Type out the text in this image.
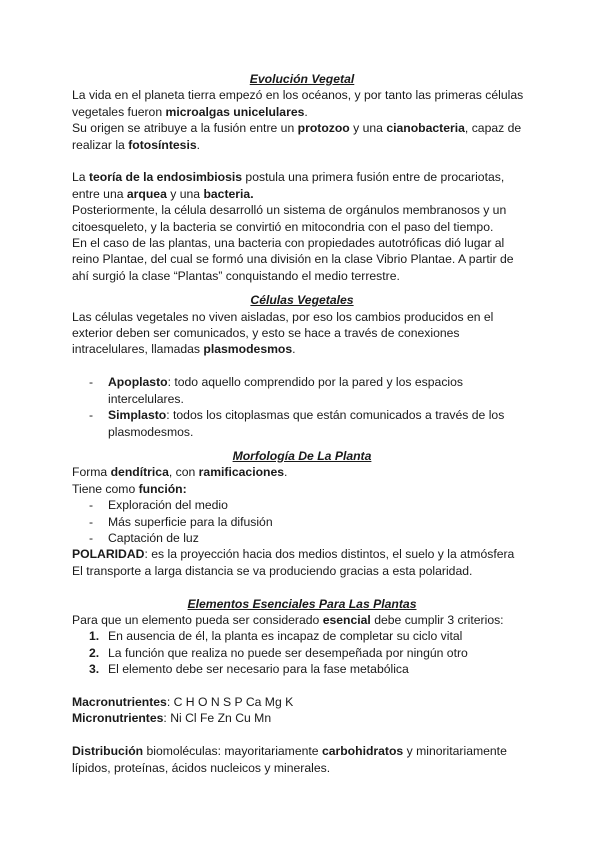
Evolución Vegetal

La vida en el planeta tierra empezó en los océanos, y por tanto las primeras células vegetales fueron microalgas unicelulares.

Su origen se atribuye a la fusión entre un protozoo y una cianobacteria, capaz de realizar la fotosíntesis.

La teoría de la endosimbiosis postula una primera fusión entre de procariotas, entre una arquea y una bacteria.

Posteriormente, la célula desarrolló un sistema de orgánulos membranosos y un citoesqueleto, y la bacteria se convirtió en mitocondria con el paso del tiempo.

En el caso de las plantas, una bacteria con propiedades autotróficas dió lugar al reino Plantae, del cual se formó una división en la clase Vibrio Plantae. A partir de ahí surgió la clase “Plantas” conquistando el medio terrestre.

Células Vegetales

Las células vegetales no viven aisladas, por eso los cambios producidos en el exterior deben ser comunicados, y esto se hace a través de conexiones intracelulares, llamadas plasmodesmos.

- Apoplasto: todo aquello comprendido por la pared y los espacios intercelulares.
- Simplasto: todos los citoplasmas que están comunicados a través de los plasmodesmos.
Morfología De La Planta

Forma dendítrica, con ramificaciones.

Tiene como función:

- Exploración del medio
- Más superficie para la difusión
- Captación de luz

POLARIDAD: es la proyección hacia dos medios distintos, el suelo y la atmósfera

El transporte a larga distancia se va produciendo gracias a esta polaridad.

Elementos Esenciales Para Las Plantas

Para que un elemento pueda ser considerado esencial debe cumplir 3 criterios:

1. En ausencia de él, la planta es incapaz de completar su ciclo vital
2. La función que realiza no puede ser desempeñada por ningún otro
3. El elemento debe ser necesario para la fase metabólica

Macronutrientes: C H O N S P Ca Mg K

Micronutrientes: Ni Cl Fe Zn Cu Mn

Distribución biomoléculas: mayoritariamente carbohidratos y minoritariamente lípidos, proteínas, ácidos nucleicos y minerales.
